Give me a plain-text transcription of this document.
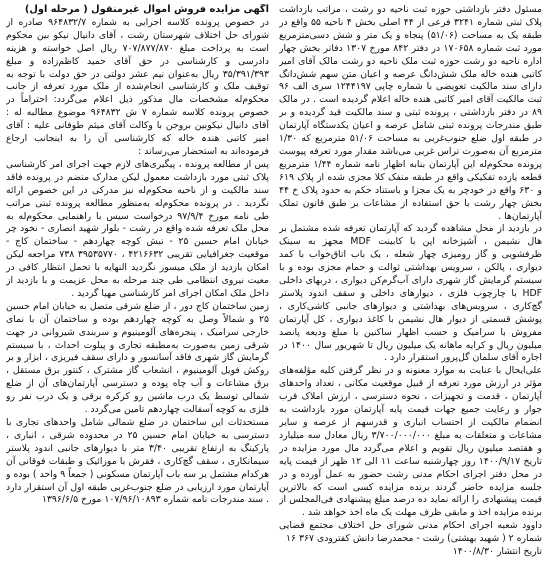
آگهی مزایده فروش اموال غیرمنقول ( مرحله اول)

در خصوص پرونده کلاسه اجرایی به شماره ۹۶۴۸۳۲/۷ صادره از شورای حل اختلاف شهرستان رشت ، آقای دانیال نیکو بین محکوم است به پرداخت مبلغ ۷۰۷/۸۷۷/۸۷۰ ریال اصل خواسته و هزینه دادرسی و کارشناسی در حق آقای حمید کاظم‌زاده و مبلغ ۳۵/۳۹۱/۳۹۳ ریال به‌عنوان نیم عشر دولتی در حق دولت با توجه به توقیف ملک و کارشناسی انجام‌شده از ملک مورد تعرفه از جانب محکوم‌له مشخصات مال مذکور ذیل اعلام می‌گردد: احتراماً در خصوص پرونده کلاسه شماره ۷ ش ۹۶۴۸۳۲ موضوع مطالبه له : آقای دانیال نیکوبین بروجن با وکالت آقای میثم طوفانی علیه : آقای امیر کاتبی هندہ خاله که کارشناسی آن را به اینجانب ارجاع فرموده‌اند به استحضار می‌رساند :

پس از مطالعه پرونده ، پیگیری‌های لازم جهت اجرای امر کارشناسی پلاک ثبتی مورد بازداشت معمول لیکن مدارک منضم در پرونده فاقد سند مالکیت و از ناحیه محکوم‌له نیز مدرکی در این خصوص ارائه نگردید . در پرونده محکوم‌له به‌منظور مطالعه پرونده ثبتی مراتب طی نامه مورخ ۹۷/۹/۴ درخواست سیس با راهنمایی محکوم‌له به محل ملک تعرفه شده واقع در رشت - بلوار شهید انصاری - نخود چر خیابان امام حسین ۲۵ - نبش کوچه چهاردهم - ساختمان کاج - موقعیت جغرافیایی تقریبی ۴۲۱۶۶۳۲ ، ۳۹۵۳۵۷۷۰ ۷۳۸ مراجعه لیکن امکان بازدید از ملک میسور نگردید النهایه با تحمل انتظار کافی در معیت نیروی انتظامی طی چند مرحله به محل عزیمت و با بازدید از داخل ملک امکان اجرای امر کارشناسی مهیا گردید .

زمین ساختمان کاج دور ، از ضلع شرقی متصل به خیابان امام حسین ۲۵ و شمالاً وصل به کوچه چهاردهم بوده و ساختمان آن با نمای خارجی سرامیک ، پنجره‌های آلومینیوم و سربندی شیروانی در جهت شرقی زمین به‌صورت به‌مطبقه تجاری و پیلوت احداث ، با سیستم گرمایش گاز شهری فاقد آسانسور و دارای سقف فیریزی ، ابزار و بر روکش فویل آلومینیوم ، انشعاب گاز مشترک ، کنتور برق مستقل ، برق مشاعات و آب چاه پوده و دسترسی آپارتمان‌های آن از ضلع شمالی توسط یک درب ماشین رو کرکره برقی و یک درب نفر رو فلزی به کوچه آسفالت چهاردهم تامین می‌گردد .

مستحدثات این ساختمان در ضلع شمالی شامل واحدهای تجاری با دسترسی به خیابان امام حسین ۲۵ در محدوده شرقی ، انباری ، پارکینگ به ارتفاع تقریبی ۳/۴۰ متر با دیوارهای جانبی اندود پلاستر سیمانکاری ، سقف گچ‌کاری ، فقرش با موزائیک و طبقات فوقانی آن هرکدام مشتمل بر سه باب آپارتمان مسکونی ( جمعاً ۹ واحد ) بوده و آپارتمان مورد ارزیابی در ضلع جنوب‌غربی طبقه اول آن استقرار دارد . سند مندرجات نامه شماره ۱۰۷/۹۶/۱۰۸۹۳ مورخ ۱۳۹۶/۶/۵

مسئول دفتر بازداشتی حوزه ثبت ناحیه دو رشت ، مراتب بازداشت پلاک ثبتی شماره ۳۲۴۱ فرعی از ۴۴ اصلی بخش ۴ ناحیه ۵۵ واقع در طبقه یک به مساحت (۵۱/۰۶) پنجاه و یک متر و شش دسی‌مترمربع مورد ثبت شماره ۱۷۰۶۵۸ در دفتر ۸۴۲ مورخ ۱۳۰۷ دفاتر بخش چهار اداره ناحیه دو رشت حوزه ثبت ملک ناحیه دو رشت مالک آقای امیر کاتبی هنده خاله ملک شش‌دانگ عرصه و اعیان متن سهم شش‌دانگ دارای سند مالکیت تعویضی با شماره چاپی ۱۲۴۴۱۹۷ سری الف ۹۶ ثبت مالکیت آقای امیر کاتبی هنده خاله اعلام گردیده است . در مالک ۸۹ در دفتر بازداشتی ، پرونده ثبتی و سند مالکیت قید گردیده و بر طبق مندرجات پرونده ثبتی شامل عرصه و اعیان یکدستگاه آپارتمان در طبقه اول ضلع جنوب‌غربی به مساحت ۵۱/۰۶ مترمربع که ۱/۳۰ مترمربع آن به‌صورت تراس غربی می‌باشد مقدار مورد تعرفه پیوست پرونده محکوم‌له این آپارتمان بنابه اظهار نامه شماره ۱/۴۴ مترمربع قطعه یازده تفکیکی واقع در طبقه منفک کلا مجزی شده از پلاک ۶۱۹ و ۶۳۰ واقع در خودچر به یک مجزا و باستناد حکم به حدود پلاک خ ۴۴ بخش چهار رشت با حق استفاده از مشاعات بر طبق قانون تملک آپارتمان‌ها .

در بازدید از محل مشاهده گردید که آپارتمان تعرفه شده مشتمل بر هال نشیمن ، آشپزخانه اپن با کابینت MDF مجهز به سینک ظرفشویی و گاز رومیزی چهار شعله ، یک باب اتاق‌خواب با کمد دیواری ، پالکن ، سرویس بهداشتی ثوالت و حمام مجزی بوده و با سیستم گرمایش گاز شهری دارای آب‌گرم‌کن دیواری ، دربهای داخلی HDF با چارچوب فلزی ، دیوارهای داخلی و سقف اندود پلاستر گچ‌کاری ، سرویس‌های بهداشتی و دیوارهای جانبی کاشی‌کاری ، پوشش قسمتی از دیوار هال نشیمن با کاغذ دیواری ، کل آپارتمان مفروش با سرامیک و حسب اظهار ساکنین با مبلغ ودیعه پانصد میلیون ریال و کرایه ماهانه یک میلیون ریال تا شهریور سال ۱۴۰۰ در اجاره آقای سلمان گل‌پرور استقرار دارد .

علی‌ایحال با عنایت به موارد معنونه و در نظر گرفتن کلیه مؤلفه‌های مؤثر در ارزش مورد تعرفه از قبیل موقعیت مکانی ، تعداد واحدهای آپارتمان ، قدمت و تجهیزات ، نحوه دسترسی ، ارزش املاک قرب جوار و رعایت جمیع جهات قیمت پایه آپارتمان مورد بازداشت به انضمام مالکیت از احتساب انباری و قدرسهم از عرصه و سایر مشاعات و متعلقات به مبلغ ۳/۷۰۰/۰۰۰/۰۰۰ ریال معادل سه میلیارد و هفتصد میلیون ریال تقویم و اعلام می‌گردد مال مورد مزایده در تاریخ ۱۴۰۰/۹/۱۷ روز چهارشنبه ساعت ۱۱ الی ۱۲ ظهر از قیمت پایه در محل دفتر اجرای احکام مدنی رشت حضور به عمل آورده و در جلسه مزایده حاضر گردند برنده مزایده کسی است که بالاترین قیمت پیشنهادی را ارائه نماید ده درصد مبلغ پیشنهادی فی‌المجلس از برنده مزایده اخذ و مابقی ظرف مهلت یک ماه اخذ خواهد شد .

داوود شعبه اجرای احکام مدنی شورای حل اختلاف مجتمع قضایی شماره ۲ ( شهید بهشتی) رشت - محمدرضا دانش کفترودی ۳۶۷ ۱۶

تاریخ انتشار ۱۴۰۰/۸/۳۰
